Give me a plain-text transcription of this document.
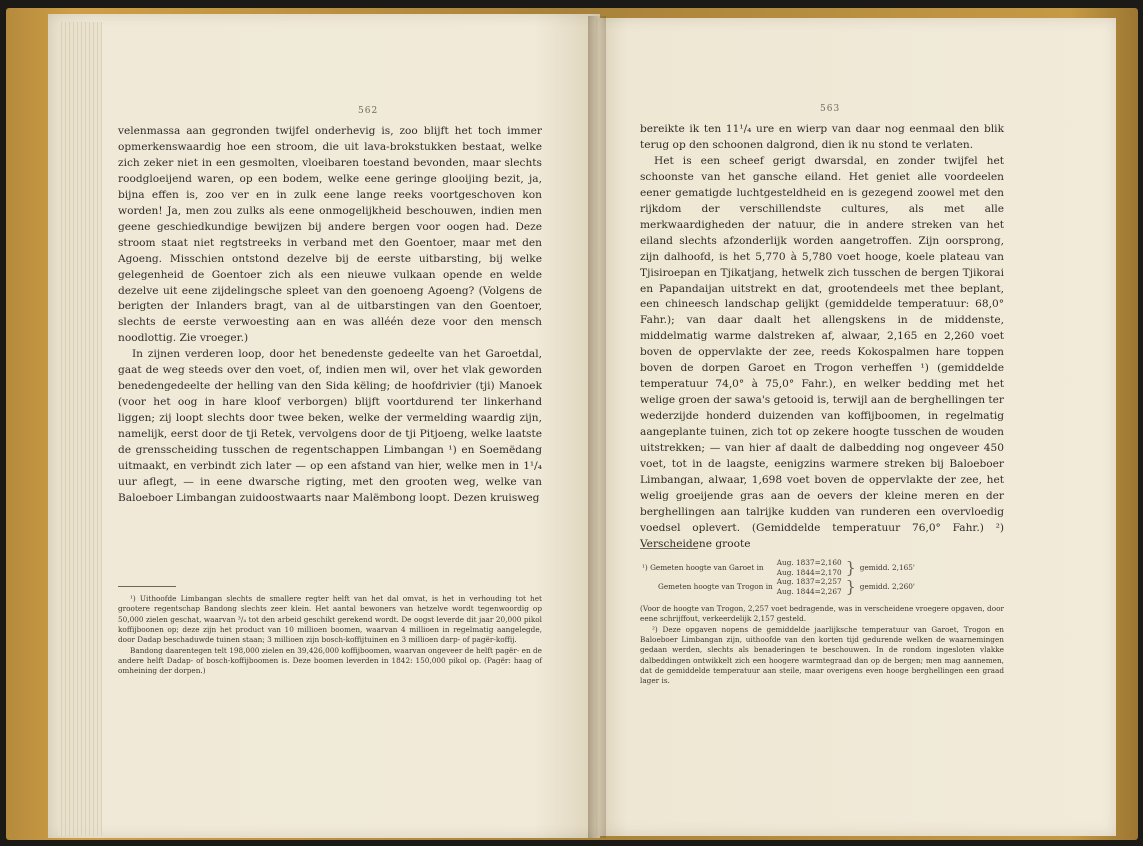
562

velenmassa aan gegronden twijfel onderhevig is, zoo blijft het toch immer opmerkenswaardig hoe een stroom, die uit lava-brokstukken bestaat, welke zich zeker niet in een gesmolten, vloeibaren toestand bevonden, maar slechts roodgloeijend waren, op een bodem, welke eene geringe glooijing bezit, ja, bijna effen is, zoo ver en in zulk eene lange reeks voortgeschoven kon worden! Ja, men zou zulks als eene onmogelijkheid beschouwen, indien men geene geschiedkundige bewijzen bij andere bergen voor oogen had. Deze stroom staat niet regtstreeks in verband met den Goentoer, maar met den Agoeng. Misschien ontstond dezelve bij de eerste uitbarsting, bij welke gelegenheid de Goentoer zich als een nieuwe vulkaan opende en welde dezelve uit eene zijdelingsche spleet van den goenoeng Agoeng? (Volgens de berigten der Inlanders bragt, van al de uitbarstingen van den Goentoer, slechts de eerste verwoesting aan en was alléén deze voor den mensch noodlottig. Zie vroeger.)

In zijnen verderen loop, door het benedenste gedeelte van het Garoetdal, gaat de weg steeds over den voet, of, indien men wil, over het vlak geworden benedengedeelte der helling van den Sida këling; de hoofdrivier (tji) Manoek (voor het oog in hare kloof verborgen) blijft voortdurend ter linkerhand liggen; zij loopt slechts door twee beken, welke der vermelding waardig zijn, namelijk, eerst door de tji Retek, vervolgens door de tji Pitjoeng, welke laatste de grensscheiding tusschen de regentschappen Limbangan ¹) en Soemëdang uitmaakt, en verbindt zich later — op een afstand van hier, welke men in 1¹/₄ uur aflegt, — in eene dwarsche rigting, met den grooten weg, welke van Baloeboer Limbangan zuidoostwaarts naar Malëmbong loopt. Dezen kruisweg

¹) Uithoofde Limbangan slechts de smallere regter helft van het dal omvat, is het in verhouding tot het grootere regentschap Bandong slechts zeer klein. Het aantal bewoners van hetzelve wordt tegenwoordig op 50,000 zielen geschat, waarvan ³/₄ tot den arbeid geschikt gerekend wordt. De oogst leverde dit jaar 20,000 pikol koffijboonen op; deze zijn het product van 10 millioen boomen, waarvan 4 millioen in regelmatig aangelegde, door Dadap beschaduwde tuinen staan; 3 millioen zijn bosch-koffijtuinen en 3 millioen darp- of pagër-koffij.

Bandong daarentegen telt 198,000 zielen en 39,426,000 koffijboomen, waarvan ongeveer de helft pagër- en de andere helft Dadap- of bosch-koffijboomen is. Deze boomen leverden in 1842: 150,000 pikol op. (Pagër: haag of omheining der dorpen.)

563

bereikte ik ten 11¹/₄ ure en wierp van daar nog eenmaal den blik terug op den schoonen dalgrond, dien ik nu stond te verlaten.

Het is een scheef gerigt dwarsdal, en zonder twijfel het schoonste van het gansche eiland. Het geniet alle voordeelen eener gematigde luchtgesteldheid en is gezegend zoowel met den rijkdom der verschillendste cultures, als met alle merkwaardigheden der natuur, die in andere streken van het eiland slechts afzonderlijk worden aangetroffen. Zijn oorsprong, zijn dalhoofd, is het 5,770 à 5,780 voet hooge, koele plateau van Tjisiroepan en Tjikatjang, hetwelk zich tusschen de bergen Tjikorai en Papandaijan uitstrekt en dat, grootendeels met thee beplant, een chineesch landschap gelijkt (gemiddelde temperatuur: 68,0° Fahr.); van daar daalt het allengskens in de middenste, middelmatig warme dalstreken af, alwaar, 2,165 en 2,260 voet boven de oppervlakte der zee, reeds Kokospalmen hare toppen boven de dorpen Garoet en Trogon verheffen ¹) (gemiddelde temperatuur 74,0° à 75,0° Fahr.), en welker bedding met het welige groen der sawa's getooid is, terwijl aan de berghellingen ter wederzijde honderd duizenden van koffijboomen, in regelmatig aangeplante tuinen, zich tot op zekere hoogte tusschen de wouden uitstrekken; — van hier af daalt de dalbedding nog ongeveer 450 voet, tot in de laagste, eenigzins warmere streken bij Baloeboer Limbangan, alwaar, 1,698 voet boven de oppervlakte der zee, het welig groeijende gras aan de oevers der kleine meren en der berghellingen aan talrijke kudden van runderen een overvloedig voedsel oplevert. (Gemiddelde temperatuur 76,0° Fahr.) ²) Verscheidene groote

¹) Gemeten hoogte van Garoet in	Aug. 1837=2,160	}	gemidd. 2,165'
	Aug. 1844=2,170		
Gemeten hoogte van Trogon in	Aug. 1837=2,257	}	gemidd. 2,260'
	Aug. 1844=2,267		

(Voor de hoogte van Trogon, 2,257 voet bedragende, was in verscheidene vroegere opgaven, door eene schrijffout, verkeerdelijk 2,157 gesteld.

²) Deze opgaven nopens de gemiddelde jaarlijksche temperatuur van Garoet, Trogon en Baloeboer Limbangan zijn, uithoofde van den korten tijd gedurende welken de waarnemingen gedaan werden, slechts als benaderingen te beschouwen. In de rondom ingesloten vlakke dalbeddingen ontwikkelt zich een hoogere warmtegraad dan op de bergen; men mag aannemen, dat de gemiddelde temperatuur aan steile, maar overigens even hooge berghellingen een graad lager is.
